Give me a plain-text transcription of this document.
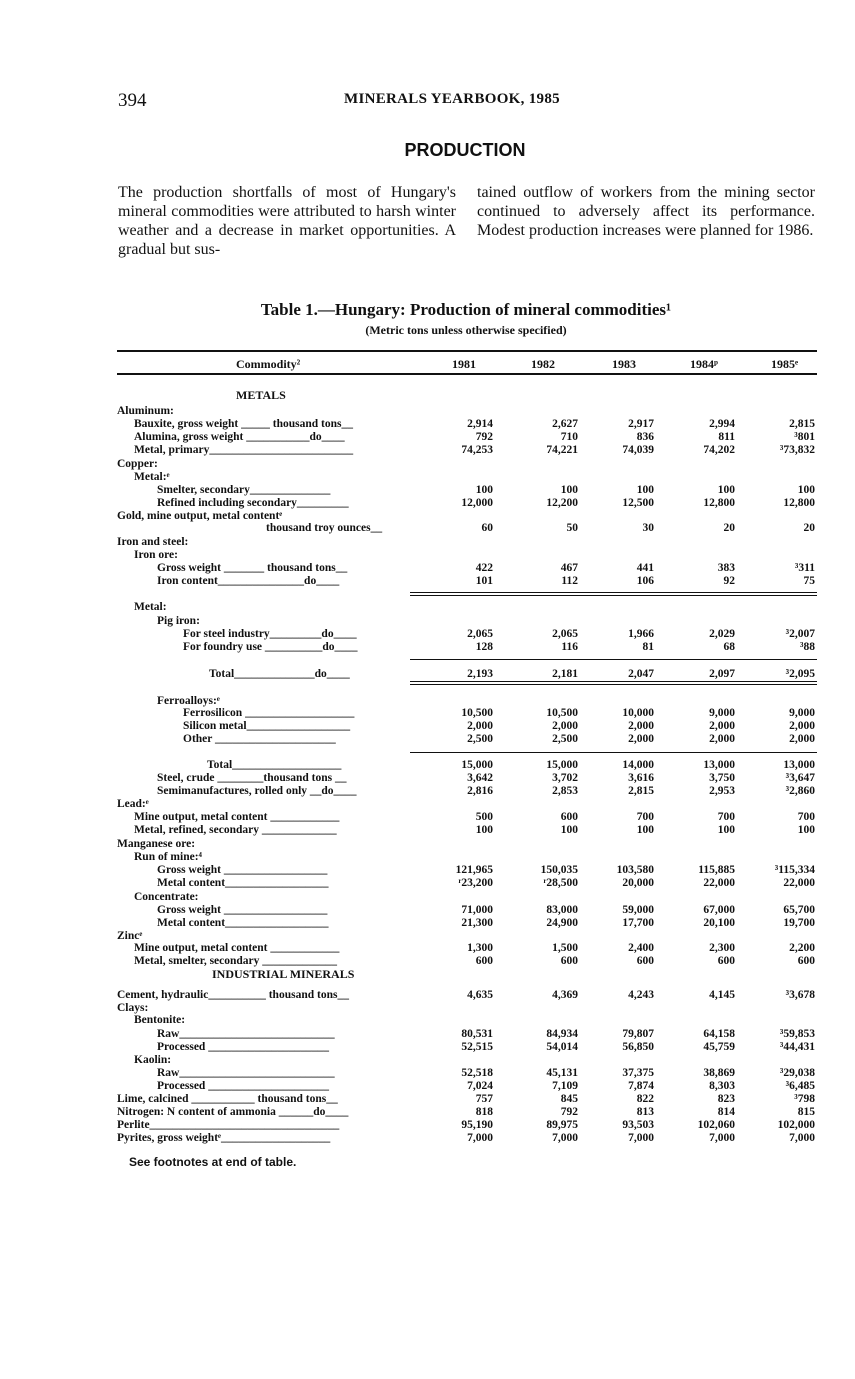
394	MINERALS YEARBOOK, 1985
PRODUCTION
The production shortfalls of most of Hungary's mineral commodities were attributed to harsh winter weather and a decrease in market opportunities. A gradual but sus-
tained outflow of workers from the mining sector continued to adversely affect its performance. Modest production increases were planned for 1986.
Table 1.—Hungary: Production of mineral commodities¹
(Metric tons unless otherwise specified)
Commodity²	1981	1982	1983	1984ᵖ	1985ᵉ
METALS
INDUSTRIAL MINERALS
Aluminum:
Bauxite, gross weight _____ thousand tons__	2,914	2,627	2,917	2,994	2,815
Alumina, gross weight ___________do____	792	710	836	811	³801
Metal, primary_________________________	74,253	74,221	74,039	74,202	³73,832
Copper:
Metal:ᵉ
Smelter, secondary______________	100	100	100	100	100
Refined including secondary_________	12,000	12,200	12,500	12,800	12,800
Gold, mine output, metal contentᵉ
thousand troy ounces__	60	50	30	20	20
Iron and steel:
Iron ore:
Gross weight _______ thousand tons__	422	467	441	383	³311
Iron content_______________do____	101	112	106	92	75
Metal:
Pig iron:
For steel industry_________do____	2,065	2,065	1,966	2,029	³2,007
For foundry use __________do____	128	116	81	68	³88
Total______________do____	2,193	2,181	2,047	2,097	³2,095
Ferroalloys:ᵉ
Ferrosilicon ___________________	10,500	10,500	10,000	9,000	9,000
Silicon metal__________________	2,000	2,000	2,000	2,000	2,000
Other _____________________	2,500	2,500	2,000	2,000	2,000
Total___________________	15,000	15,000	14,000	13,000	13,000
Steel, crude ________thousand tons __	3,642	3,702	3,616	3,750	³3,647
Semimanufactures, rolled only __do____	2,816	2,853	2,815	2,953	³2,860
Lead:ᵉ
Mine output, metal content ____________	500	600	700	700	700
Metal, refined, secondary _____________	100	100	100	100	100
Manganese ore:
Run of mine:⁴
Gross weight __________________	121,965	150,035	103,580	115,885	³115,334
Metal content__________________	ʳ23,200	ʳ28,500	20,000	22,000	22,000
Concentrate:
Gross weight __________________	71,000	83,000	59,000	67,000	65,700
Metal content__________________	21,300	24,900	17,700	20,100	19,700
Zincᵉ
Mine output, metal content ____________	1,300	1,500	2,400	2,300	2,200
Metal, smelter, secondary _____________	600	600	600	600	600
Cement, hydraulic__________ thousand tons__	4,635	4,369	4,243	4,145	³3,678
Clays:
Bentonite:
Raw___________________________	80,531	84,934	79,807	64,158	³59,853
Processed _____________________	52,515	54,014	56,850	45,759	³44,431
Kaolin:
Raw___________________________	52,518	45,131	37,375	38,869	³29,038
Processed _____________________	7,024	7,109	7,874	8,303	³6,485
Lime, calcined ___________ thousand tons__	757	845	822	823	³798
Nitrogen: N content of ammonia ______do____	818	792	813	814	815
Perlite_________________________________	95,190	89,975	93,503	102,060	102,000
Pyrites, gross weightᵉ___________________	7,000	7,000	7,000	7,000	7,000
See footnotes at end of table.
